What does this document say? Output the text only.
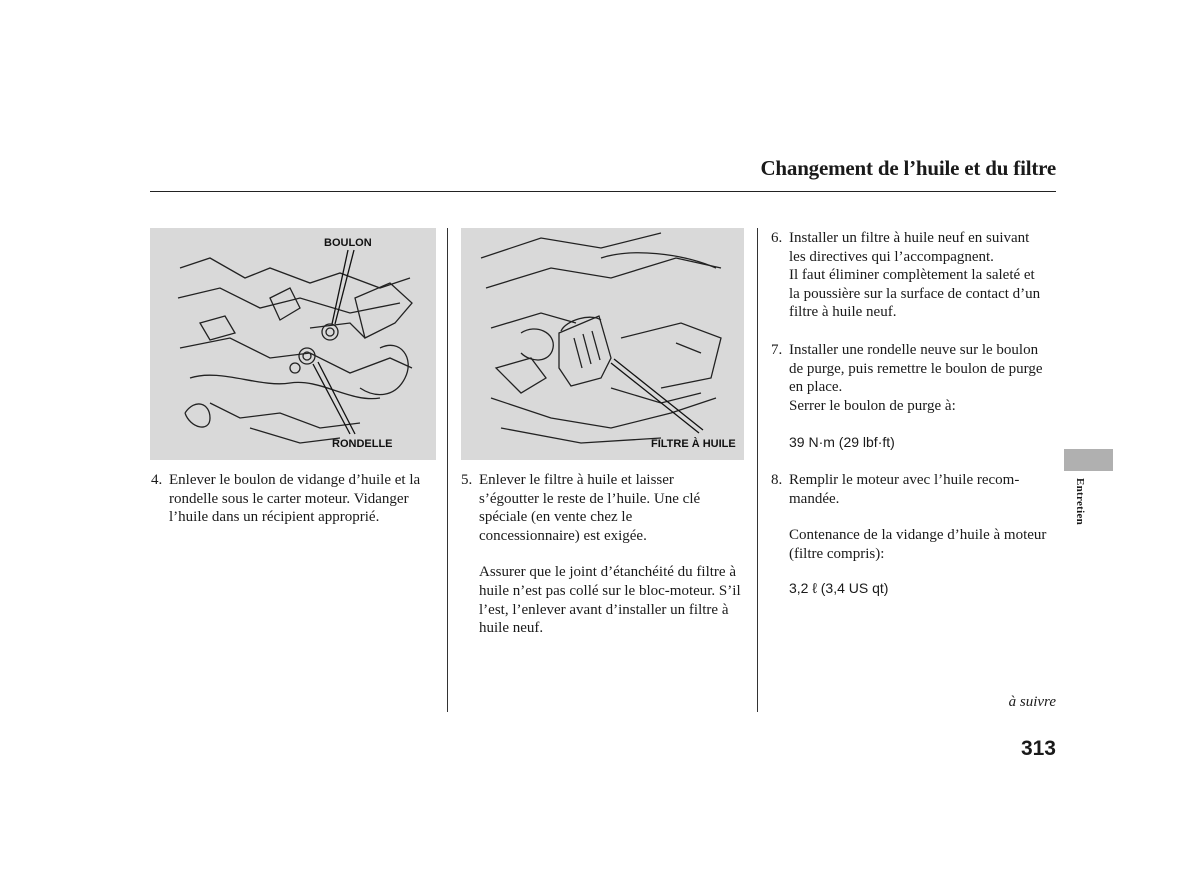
Changement de l’huile et du filtre
BOULON
RONDELLE	FILTRE À HUILE
4. Enlever le boulon de vidange d’huile et la

rondelle sous le carter moteur. Vidanger

l’huile dans un récipient approprié.

5. Enlever le filtre à huile et laisser

s’égoutter le reste de l’huile. Une clé

spéciale (en vente chez le

concessionnaire) est exigée.

Assurer que le joint d’étanchéité du filtre à

huile n’est pas collé sur le bloc-moteur. S’il

l’est, l’enlever avant d’installer un filtre à

huile neuf.

6. Installer un filtre à huile neuf en suivant

les directives qui l’accompagnent.

Il faut éliminer complètement la saleté et

la poussière sur la surface de contact d’un

filtre à huile neuf.

7. Installer une rondelle neuve sur le boulon

de purge, puis remettre le boulon de purge

en place.

Serrer le boulon de purge à:

39 N·m (29 lbf·ft)

8. Remplir le moteur avec l’huile recom-

mandée.

Contenance de la vidange d’huile à moteur

(filtre compris):

3,2 ℓ (3,4 US qt)

Entretien
à suivre
313
